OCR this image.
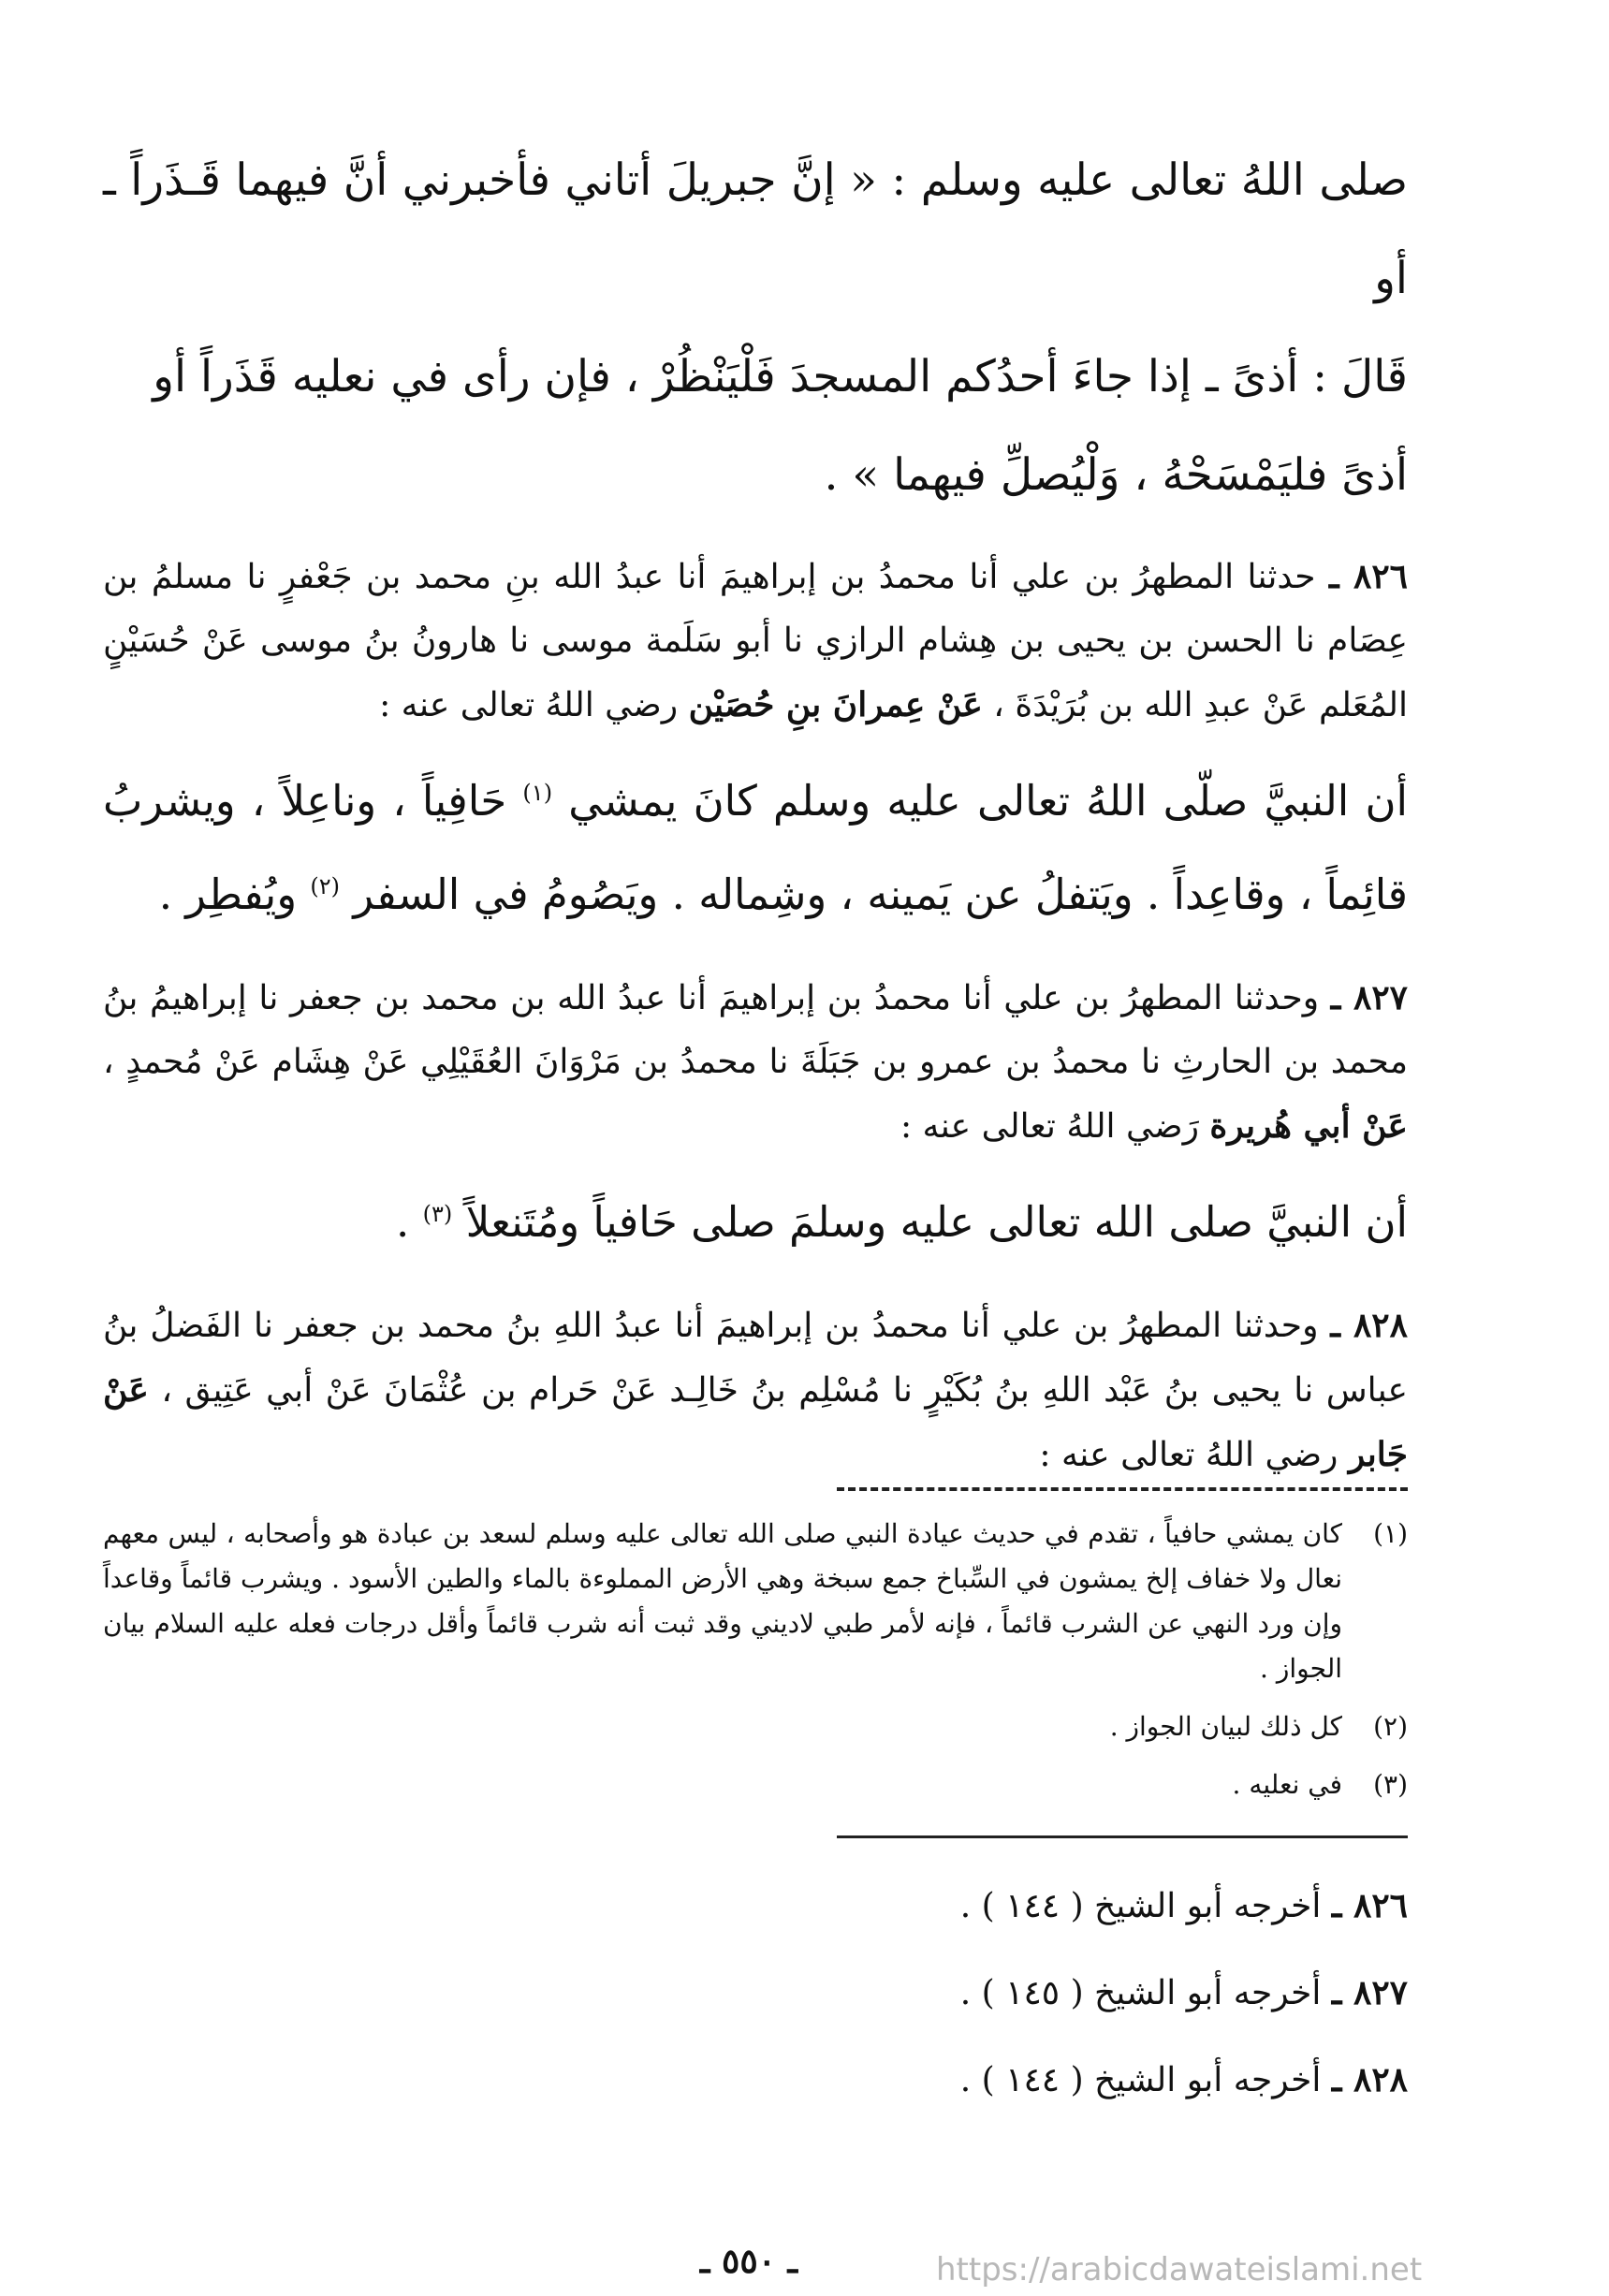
صلى اللهُ تعالى عليه وسلم : « إنَّ جبريلَ أتاني فأخبرني أنَّ فيهما قَـذَراً ـ أو

قَالَ : أذىً ـ إذا جاءَ أحدُكم المسجدَ فَلْيَنْظُرْ ، فإن رأى في نعليه قَذَراً أو

أذىً فليَمْسَحْهُ ، وَلْيُصلِّ فيهما » .

٨٢٦ ـ حدثنا المطهرُ بن علي أنا محمدُ بن إبراهيمَ أنا عبدُ الله بنِ محمد بن جَعْفرٍ نا مسلمُ بن عِصَام نا الحسن بن يحيى بن هِشام الرازي نا أبو سَلَمة موسى نا هارونُ بنُ موسى عَنْ حُسَيْنٍ المُعَلم عَنْ عبدِ الله بن بُرَيْدَةَ ، عَنْ عِمرانَ بنِ حُصَيْن رضي اللهُ تعالى عنه :

أن النبيَّ صلّى اللهُ تعالى عليه وسلم كانَ يمشي $^{(١)}$ حَافِياً ، وناعِلاً ، ويشربُ قائِماً ، وقاعِداً . ويَتفلُ عن يَمينه ، وشِماله . ويَصُومُ في السفر $^{(٢)}$ ويُفطِر .

٨٢٧ ـ وحدثنا المطهرُ بن علي أنا محمدُ بن إبراهيمَ أنا عبدُ الله بن محمد بن جعفر نا إبراهيمُ بنُ محمد بن الحارثِ نا محمدُ بن عمرو بن جَبَلَةَ نا محمدُ بن مَرْوَانَ العُقَيْلِي عَنْ هِشَام عَنْ مُحمدٍ ، عَنْ أبي هُريرة رَضي اللهُ تعالى عنه :

أن النبيَّ صلى الله تعالى عليه وسلمَ صلى حَافياً ومُتَنعلاً $^{(٣)}$ .

٨٢٨ ـ وحدثنا المطهرُ بن علي أنا محمدُ بن إبراهيمَ أنا عبدُ اللهِ بنُ محمد بن جعفر نا الفَضلُ بنُ عباس نا يحيى بنُ عَبْد اللهِ بنُ بُكَيْرٍ نا مُسْلِم بنُ خَالِـد عَنْ حَرام بن عُثْمَانَ عَنْ أبي عَتِيق ، عَنْ جَابر رضي اللهُ تعالى عنه :

(١)
كان يمشي حافياً ، تقدم في حديث عيادة النبي صلى الله تعالى عليه وسلم لسعد بن عبادة هو وأصحابه ، ليس معهم نعال ولا خفاف إلخ يمشون في السِّباخ جمع سبخة وهي الأرض المملوءة بالماء والطين الأسود . ويشرب قائماً وقاعداً وإن ورد النهي عن الشرب قائماً ، فإنه لأمر طبي لاديني وقد ثبت أنه شرب قائماً وأقل درجات فعله عليه السلام بيان الجواز .
(٢)
كل ذلك لبيان الجواز .
(٣)
في نعليه .

٨٢٦ ـ أخرجه أبو الشيخ ( ١٤٤ ) .

٨٢٧ ـ أخرجه أبو الشيخ ( ١٤٥ ) .

٨٢٨ ـ أخرجه أبو الشيخ ( ١٤٤ ) .

ـ ٥٥٠ ـ	https://arabicdawateislami.net
